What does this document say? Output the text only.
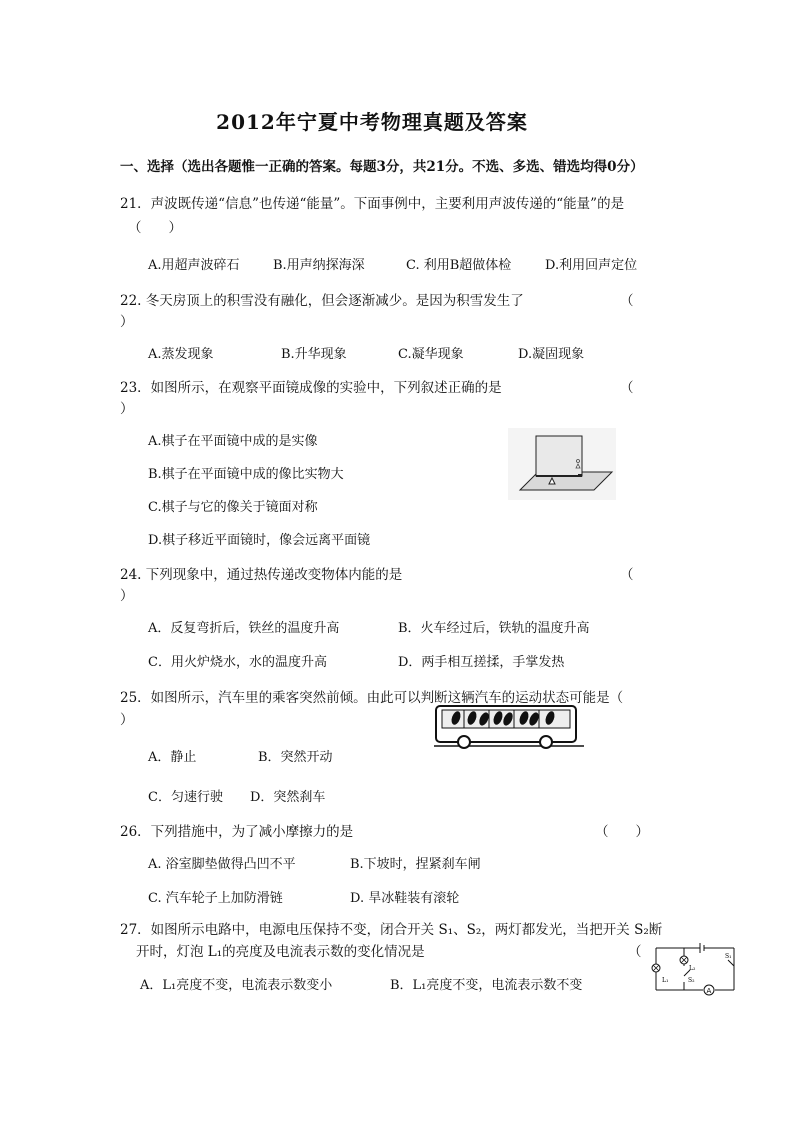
2012年宁夏中考物理真题及答案
一、选择（选出各题惟一正确的答案。每题3分，共21分。不选、多选、错选均得0分）
21．声波既传递“信息”也传递“能量”。下面事例中，主要利用声波传递的“能量”的是
（　　）
A.用超声波碎石	B.用声纳探海深	C. 利用B超做体检	D.利用回声定位
22. 冬天房顶上的积雪没有融化，但会逐渐减少。是因为积雪发生了	（
）
A.蒸发现象	B.升华现象	C.凝华现象	D.凝固现象
23．如图所示，在观察平面镜成像的实验中，下列叙述正确的是	（
）
A.棋子在平面镜中成的是实像
B.棋子在平面镜中成的像比实物大
C.棋子与它的像关于镜面对称
D.棋子移近平面镜时，像会远离平面镜
24. 下列现象中，通过热传递改变物体内能的是	（
）
A．反复弯折后，铁丝的温度升高	B．火车经过后，铁轨的温度升高
C．用火炉烧水，水的温度升高	D．两手相互搓揉，手掌发热
25．如图所示，汽车里的乘客突然前倾。由此可以判断这辆汽车的运动状态可能是（
）
A．静止	B．突然开动
C．匀速行驶 D．突然刹车
26．下列措施中，为了减小摩擦力的是	（　　）
A. 浴室脚垫做得凸凹不平	B.下坡时，捏紧刹车闸
C. 汽车轮子上加防滑链	D. 旱冰鞋装有滚轮
27．如图所示电路中，电源电压保持不变，闭合开关 S₁、S₂，两灯都发光，当把开关 S₂断
开时，灯泡 L₁的亮度及电流表示数的变化情况是	（
A．L₁亮度不变，电流表示数变小	B．L₁亮度不变，电流表示数不变	A
L₁
L₂
S₂
S₁
